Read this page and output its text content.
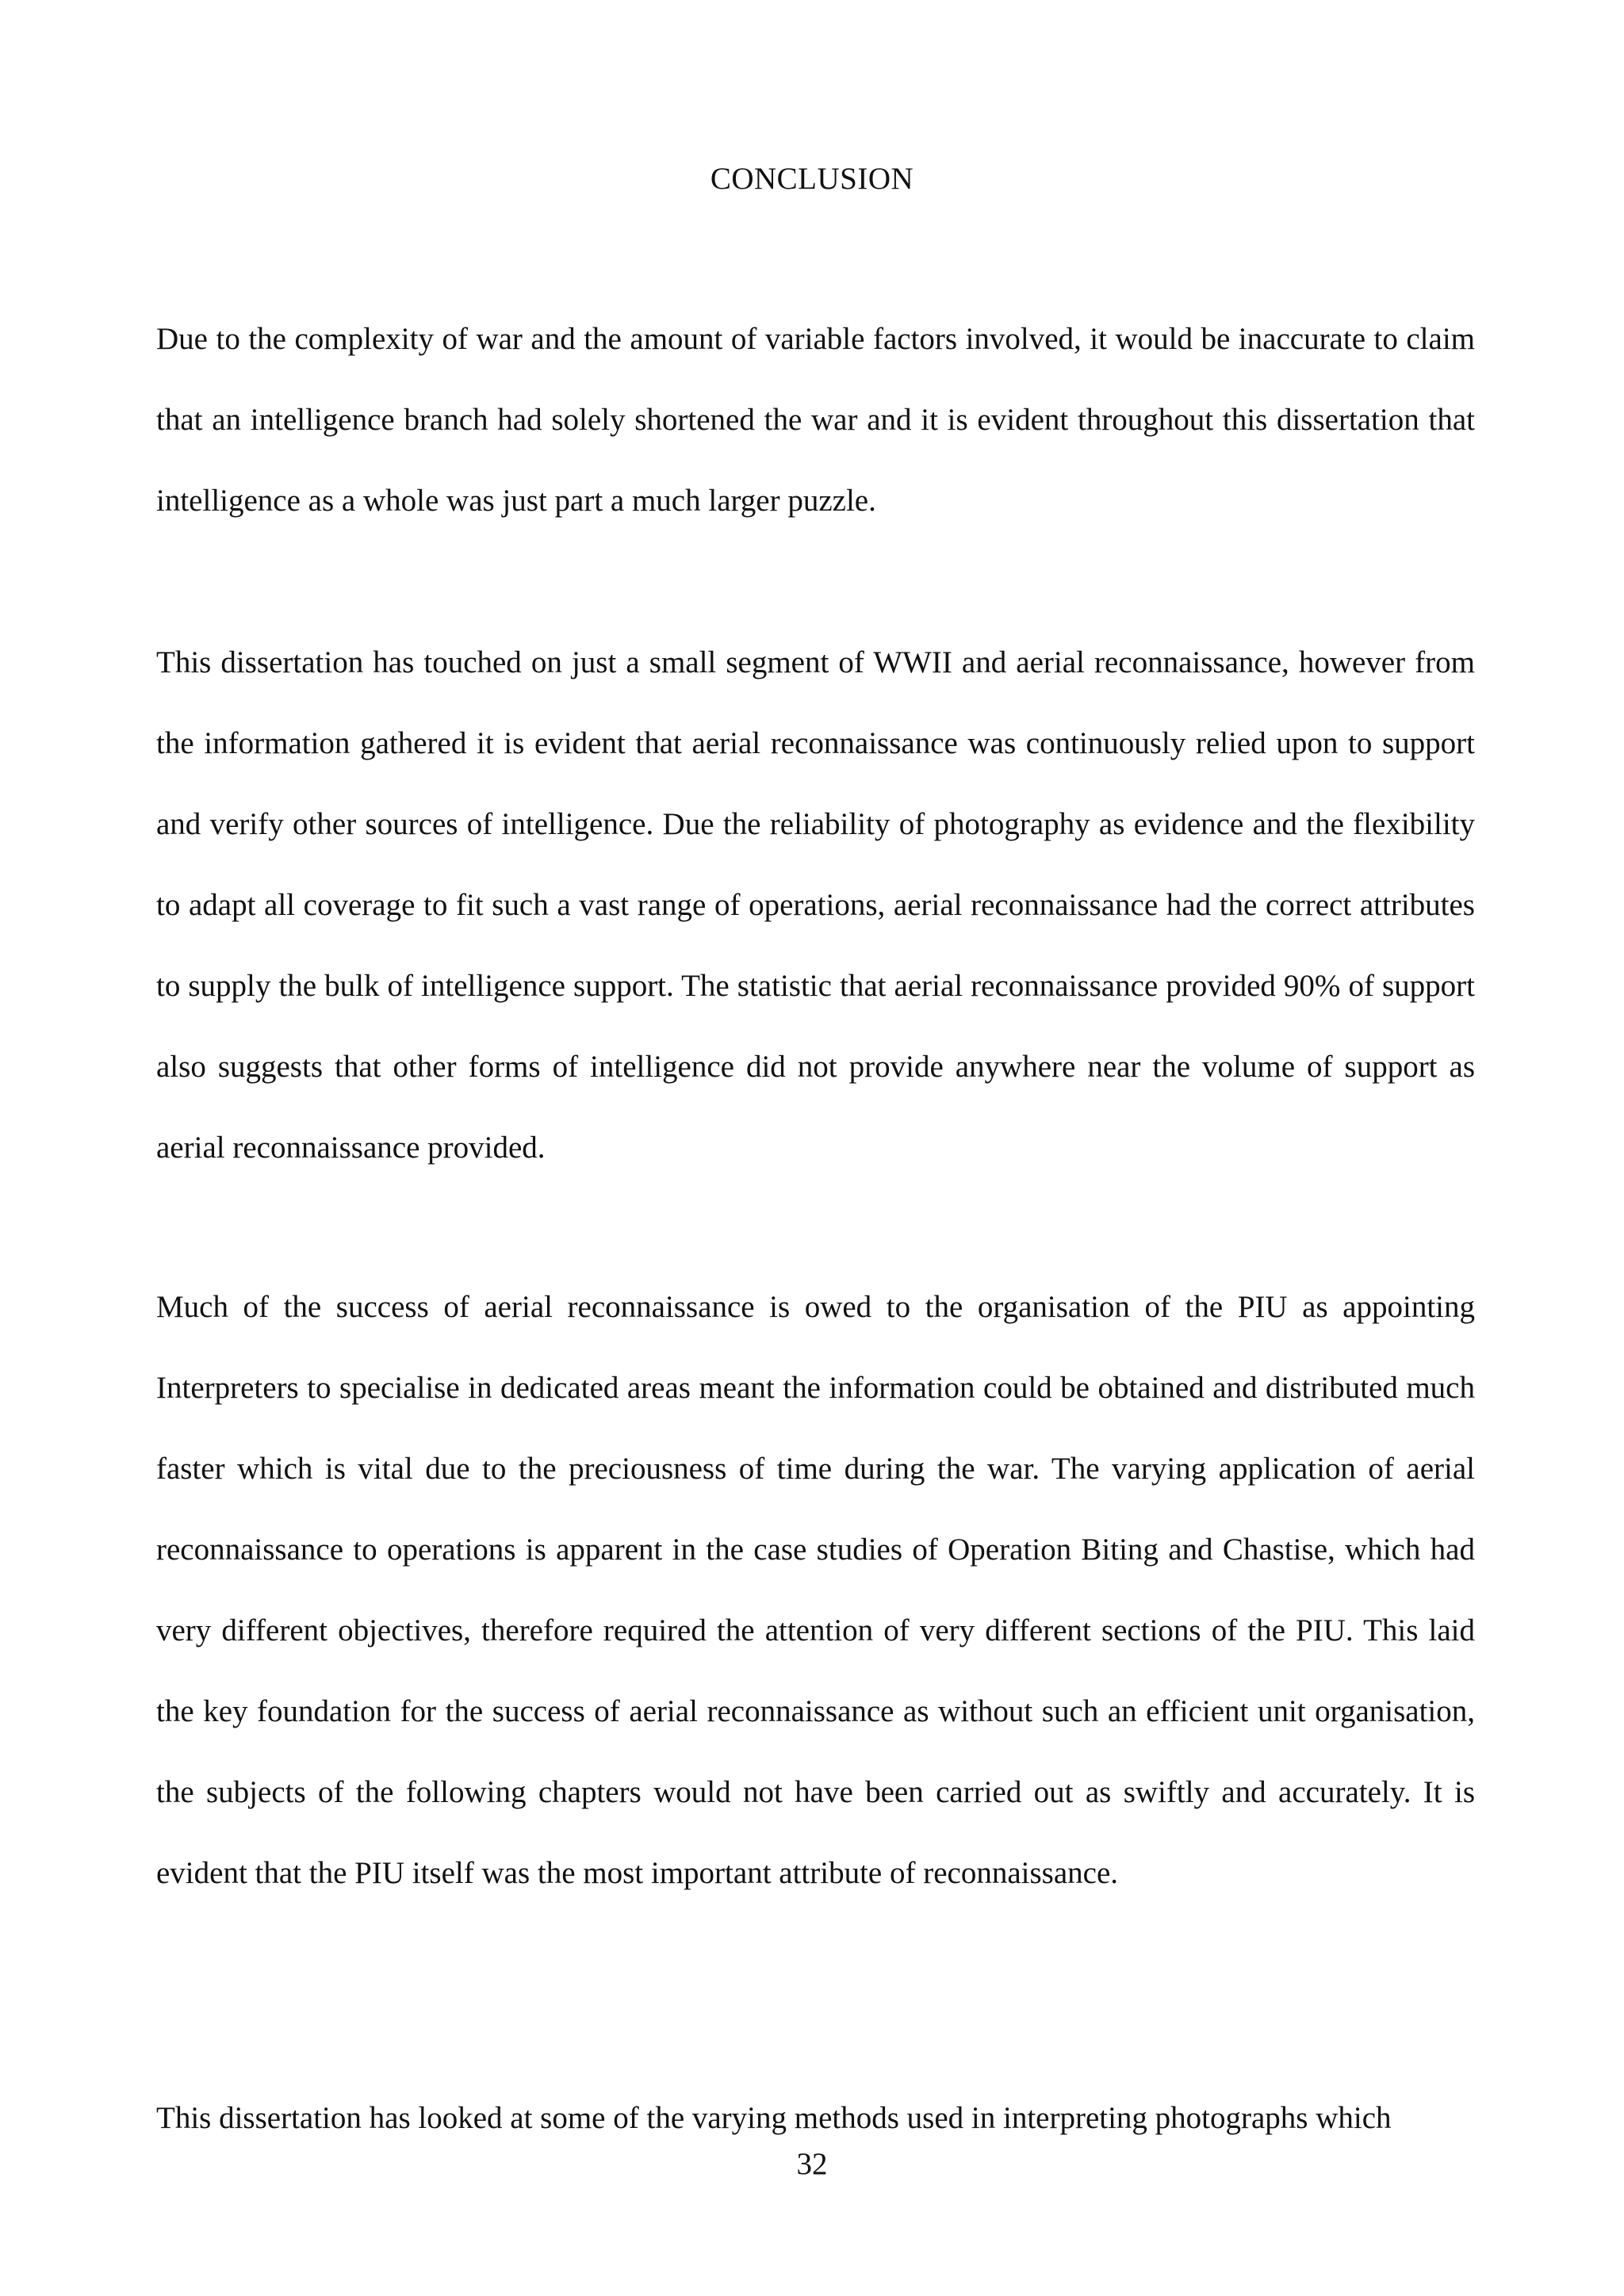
CONCLUSION

Due to the complexity of war and the amount of variable factors involved, it would be inaccurate to claim that an intelligence branch had solely shortened the war and it is evident throughout this dissertation that intelligence as a whole was just part a much larger puzzle.

This dissertation has touched on just a small segment of WWII and aerial reconnaissance, however from the information gathered it is evident that aerial reconnaissance was continuously relied upon to support and verify other sources of intelligence. Due the reliability of photography as evidence and the flexibility to adapt all coverage to fit such a vast range of operations, aerial reconnaissance had the correct attributes to supply the bulk of intelligence support. The statistic that aerial reconnaissance provided 90% of support also suggests that other forms of intelligence did not provide anywhere near the volume of support as aerial reconnaissance provided.

Much of the success of aerial reconnaissance is owed to the organisation of the PIU as appointing Interpreters to specialise in dedicated areas meant the information could be obtained and distributed much faster which is vital due to the preciousness of time during the war. The varying application of aerial reconnaissance to operations is apparent in the case studies of Operation Biting and Chastise, which had very different objectives, therefore required the attention of very different sections of the PIU. This laid the key foundation for the success of aerial reconnaissance as without such an efficient unit organisation, the subjects of the following chapters would not have been carried out as swiftly and accurately. It is evident that the PIU itself was the most important attribute of reconnaissance.

This dissertation has looked at some of the varying methods used in interpreting photographs which

32
